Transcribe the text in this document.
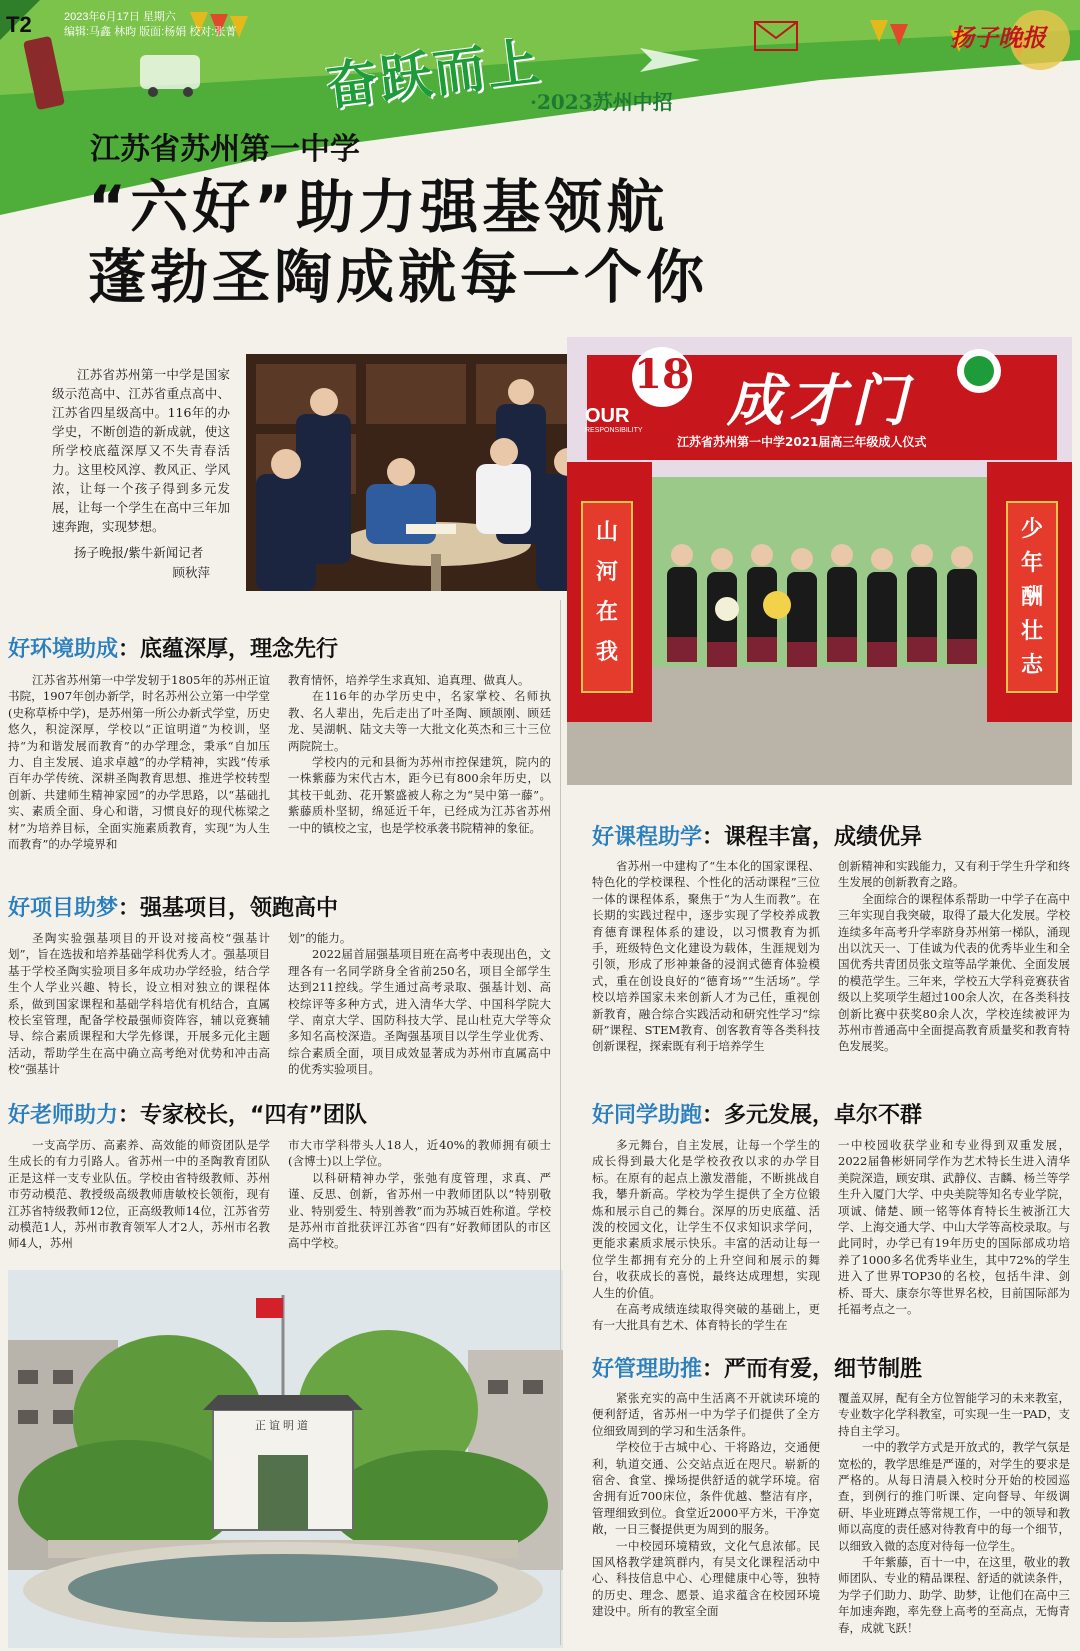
T2	2023年6月17日 星期六
编辑:马鑫 林昀 版面:杨娟 校对:张菁 奋跃而上
·2023苏州中招
扬子晚报
江苏省苏州第一中学
“六好”助力强基领航
蓬勃圣陶成就每一个你
江苏省苏州第一中学是国家级示范高中、江苏省重点高中、江苏省四星级高中。116年的办学史，不断创造的新成就，使这所学校底蕴深厚又不失青春活力。这里校风淳、教风正、学风浓，让每一个孩子得到多元发展，让每一个学生在高中三年加速奔跑，实现梦想。
扬子晚报/紫牛新闻记者
顾秋萍
18
OUR
RESPONSIBILITY 成才门
江苏省苏州第一中学2021届高三年级成人仪式
山河在我
少年酬壮志
正谊明道
好环境助成：底蕴深厚，理念先行

江苏省苏州第一中学发轫于1805年的苏州正谊书院，1907年创办新学，时名苏州公立第一中学堂(史称草桥中学)，是苏州第一所公办新式学堂，历史悠久，积淀深厚，学校以“正谊明道”为校训，坚持“为和谐发展而教育”的办学理念，秉承“自加压力、自主发展、追求卓越”的办学精神，实践“传承百年办学传统、深耕圣陶教育思想、推进学校转型创新、共建师生精神家园”的办学思路，以“基础扎实、素质全面、身心和谐，习惯良好的现代栋梁之材”为培养目标，全面实施素质教育，实现“为人生而教育”的办学境界和

教育情怀，培养学生求真知、追真理、做真人。

在116年的办学历史中，名家掌校、名师执教、名人辈出，先后走出了叶圣陶、顾颉刚、顾廷龙、吴湖帆、陆文夫等一大批文化英杰和三十三位两院院士。

学校内的元和县衙为苏州市控保建筑，院内的一株紫藤为宋代古木，距今已有800余年历史，以其枝干虬劲、花开繁盛被人称之为“吴中第一藤”。紫藤质朴坚韧，绵延近千年，已经成为江苏省苏州一中的镇校之宝，也是学校承袭书院精神的象征。

好项目助梦：强基项目，领跑高中

圣陶实验强基项目的开设对接高校“强基计划”，旨在选拔和培养基础学科优秀人才。强基项目基于学校圣陶实验项目多年成功办学经验，结合学生个人学业兴趣、特长，设立相对独立的课程体系，做到国家课程和基础学科培优有机结合，直属校长室管理，配备学校最强师资阵容，辅以竞赛辅导、综合素质课程和大学先修课，开展多元化主题活动，帮助学生在高中确立高考绝对优势和冲击高校“强基计

划”的能力。

2022届首届强基项目班在高考中表现出色，文理各有一名同学跻身全省前250名，项目全部学生达到211控线。学生通过高考录取、强基计划、高校综评等多种方式，进入清华大学、中国科学院大学、南京大学、国防科技大学、昆山杜克大学等众多知名高校深造。圣陶强基项目以学生学业优秀、综合素质全面，项目成效显著成为苏州市直属高中的优秀实验项目。

好老师助力：专家校长，“四有”团队

一支高学历、高素养、高效能的师资团队是学生成长的有力引路人。省苏州一中的圣陶教育团队正是这样一支专业队伍。学校由省特级教师、苏州市劳动模范、教授级高级教师唐敏校长领衔，现有江苏省特级教师12位，正高级教师14位，江苏省劳动模范1人，苏州市教育领军人才2人，苏州市名教师4人，苏州

市大市学科带头人18人，近40%的教师拥有硕士(含博士)以上学位。

以科研精神办学，张弛有度管理，求真、严谨、反思、创新，省苏州一中教师团队以“特别敬业、特别爱生、特别善教”而为苏城百姓称道。学校是苏州市首批获评江苏省“四有”好教师团队的市区高中学校。

好课程助学：课程丰富，成绩优异

省苏州一中建构了“生本化的国家课程、特色化的学校课程、个性化的活动课程”三位一体的课程体系，聚焦于“为人生而教”。在长期的实践过程中，逐步实现了学校养成教育德育课程体系的建设，以习惯教育为抓手，班级特色文化建设为载体，生涯规划为引领，形成了形神兼备的浸润式德育体验模式，重在创设良好的“德育场”“生活场”。学校以培养国家未来创新人才为己任，重视创新教育，融合综合实践活动和研究性学习“综研”课程、STEM教育、创客教育等各类科技创新课程，探索既有利于培养学生

创新精神和实践能力，又有利于学生升学和终生发展的创新教育之路。

全面综合的课程体系帮助一中学子在高中三年实现自我突破，取得了最大化发展。学校连续多年高考升学率跻身苏州第一梯队，涌现出以沈天一、丁佳诚为代表的优秀毕业生和全国优秀共青团员张文瑄等品学兼优、全面发展的模范学生。三年来，学校五大学科竞赛获省级以上奖项学生超过100余人次，在各类科技创新比赛中获奖80余人次，学校连续被评为苏州市普通高中全面提高教育质量奖和教育特色发展奖。

好同学助跑：多元发展，卓尔不群

多元舞台，自主发展，让每一个学生的成长得到最大化是学校孜孜以求的办学目标。在原有的起点上激发潜能，不断挑战自我，攀升新高。学校为学生提供了全方位锻炼和展示自己的舞台。深厚的历史底蕴、活泼的校园文化，让学生不仅求知识求学问，更能求素质求展示快乐。丰富的活动让每一位学生都拥有充分的上升空间和展示的舞台，收获成长的喜悦，最终达成理想，实现人生的价值。

在高考成绩连续取得突破的基础上，更有一大批具有艺术、体育特长的学生在

一中校园收获学业和专业得到双重发展，2022届鲁彬妍同学作为艺术特长生进入清华美院深造，顾安琪、武静仪、吉麟、杨兰等学生升入厦门大学、中央美院等知名专业学院，项诚、储楚、顾一铭等体育特长生被浙江大学、上海交通大学、中山大学等高校录取。与此同时，办学已有19年历史的国际部成功培养了1000多名优秀毕业生，其中72%的学生进入了世界TOP30的名校，包括牛津、剑桥、哥大、康奈尔等世界名校，目前国际部为托福考点之一。

好管理助推：严而有爱，细节制胜

紧张充实的高中生活离不开就读环境的便利舒适，省苏州一中为学子们提供了全方位细致周到的学习和生活条件。

学校位于古城中心、干将路边，交通便利，轨道交通、公交站点近在咫尺。崭新的宿舍、食堂、操场提供舒适的就学环境。宿舍拥有近700床位，条件优越、整洁有序，管理细致到位。食堂近2000平方米，干净宽敞，一日三餐提供更为周到的服务。

一中校园环境精致，文化气息浓郁。民国风格教学建筑群内，有吴文化课程活动中心、科技信息中心、心理健康中心等，独特的历史、理念、愿景、追求蕴含在校园环境建设中。所有的教室全面

覆盖双屏，配有全方位智能学习的未来教室，专业数字化学科教室，可实现一生一PAD，支持自主学习。

一中的教学方式是开放式的，教学气氛是宽松的，教学思维是严谨的，对学生的要求是严格的。从每日清晨入校时分开始的校园巡查，到例行的推门听课、定向督导、年级调研、毕业班蹲点等常规工作，一中的领导和教师以高度的责任感对待教育中的每一个细节，以细致入微的态度对待每一位学生。

千年紫藤，百十一中，在这里，敬业的教师团队、专业的精品课程、舒适的就读条件，为学子们助力、助学、助梦，让他们在高中三年加速奔跑，率先登上高考的至高点，无悔青春，成就飞跃！
